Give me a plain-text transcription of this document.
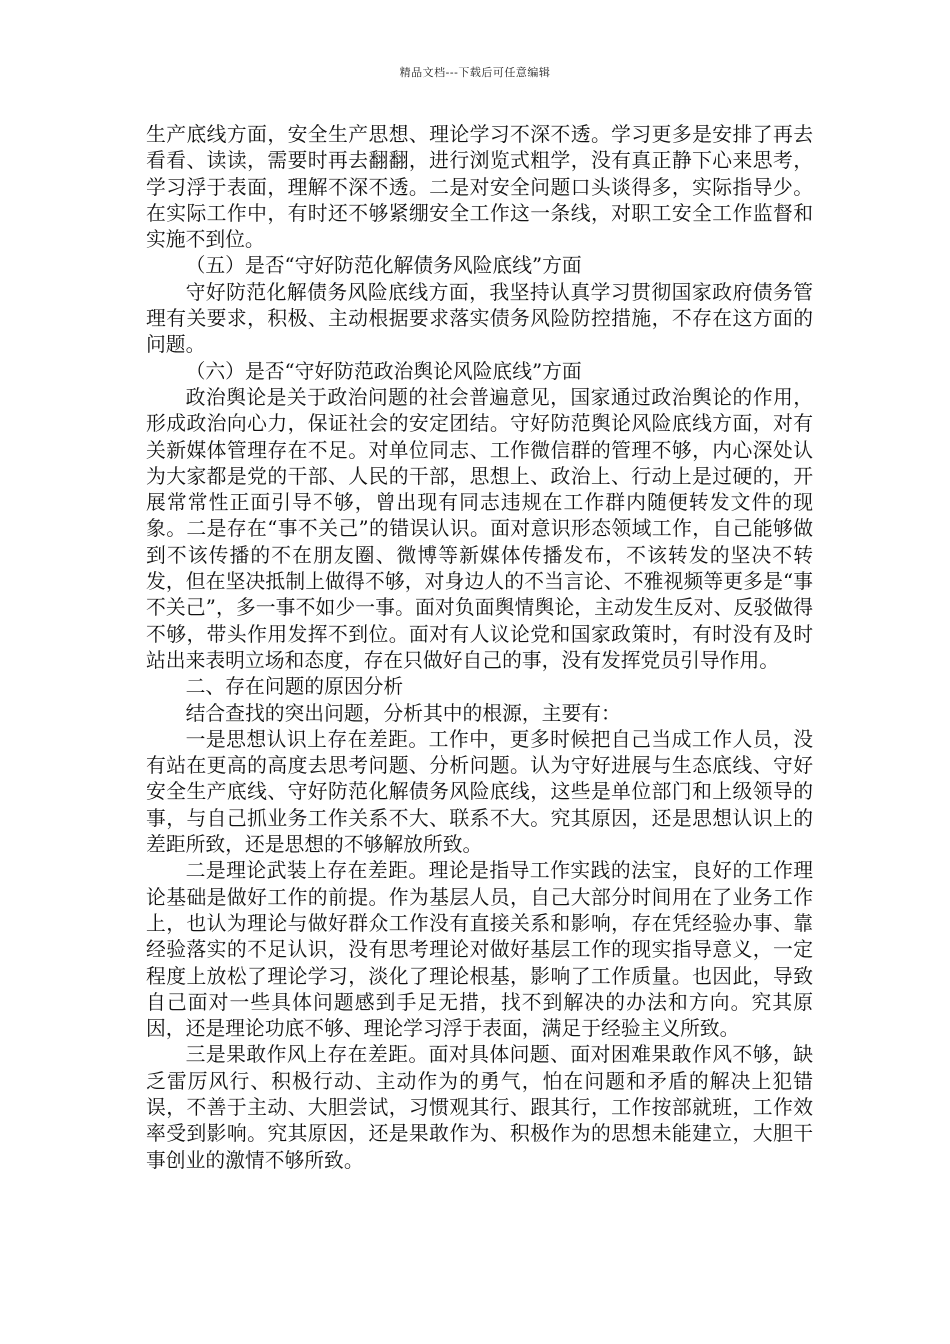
精品文档---下载后可任意编辑

生产底线方面，安全生产思想、理论学习不深不透。学习更多是安排了再去看看、读读，需要时再去翻翻，进行浏览式粗学，没有真正静下心来思考，学习浮于表面，理解不深不透。二是对安全问题口头谈得多，实际指导少。在实际工作中，有时还不够紧绷安全工作这一条线，对职工安全工作监督和实施不到位。

（五）是否“守好防范化解债务风险底线”方面

守好防范化解债务风险底线方面，我坚持认真学习贯彻国家政府债务管理有关要求，积极、主动根据要求落实债务风险防控措施，不存在这方面的问题。

（六）是否“守好防范政治舆论风险底线”方面

政治舆论是关于政治问题的社会普遍意见，国家通过政治舆论的作用，形成政治向心力，保证社会的安定团结。守好防范舆论风险底线方面，对有关新媒体管理存在不足。对单位同志、工作微信群的管理不够，内心深处认为大家都是党的干部、人民的干部，思想上、政治上、行动上是过硬的，开展常常性正面引导不够，曾出现有同志违规在工作群内随便转发文件的现象。二是存在“事不关己”的错误认识。面对意识形态领域工作，自己能够做到不该传播的不在朋友圈、微博等新媒体传播发布，不该转发的坚决不转发，但在坚决抵制上做得不够，对身边人的不当言论、不雅视频等更多是“事不关己”，多一事不如少一事。面对负面舆情舆论，主动发生反对、反驳做得不够，带头作用发挥不到位。面对有人议论党和国家政策时，有时没有及时站出来表明立场和态度，存在只做好自己的事，没有发挥党员引导作用。

二、存在问题的原因分析

结合查找的突出问题，分析其中的根源，主要有：

一是思想认识上存在差距。工作中，更多时候把自己当成工作人员，没有站在更高的高度去思考问题、分析问题。认为守好进展与生态底线、守好安全生产底线、守好防范化解债务风险底线，这些是单位部门和上级领导的事，与自己抓业务工作关系不大、联系不大。究其原因，还是思想认识上的差距所致，还是思想的不够解放所致。

二是理论武装上存在差距。理论是指导工作实践的法宝，良好的工作理论基础是做好工作的前提。作为基层人员，自己大部分时间用在了业务工作上，也认为理论与做好群众工作没有直接关系和影响，存在凭经验办事、靠经验落实的不足认识，没有思考理论对做好基层工作的现实指导意义，一定程度上放松了理论学习，淡化了理论根基，影响了工作质量。也因此，导致自己面对一些具体问题感到手足无措，找不到解决的办法和方向。究其原因，还是理论功底不够、理论学习浮于表面，满足于经验主义所致。

三是果敢作风上存在差距。面对具体问题、面对困难果敢作风不够，缺乏雷厉风行、积极行动、主动作为的勇气，怕在问题和矛盾的解决上犯错误，不善于主动、大胆尝试，习惯观其行、跟其行，工作按部就班，工作效率受到影响。究其原因，还是果敢作为、积极作为的思想未能建立，大胆干事创业的激情不够所致。
